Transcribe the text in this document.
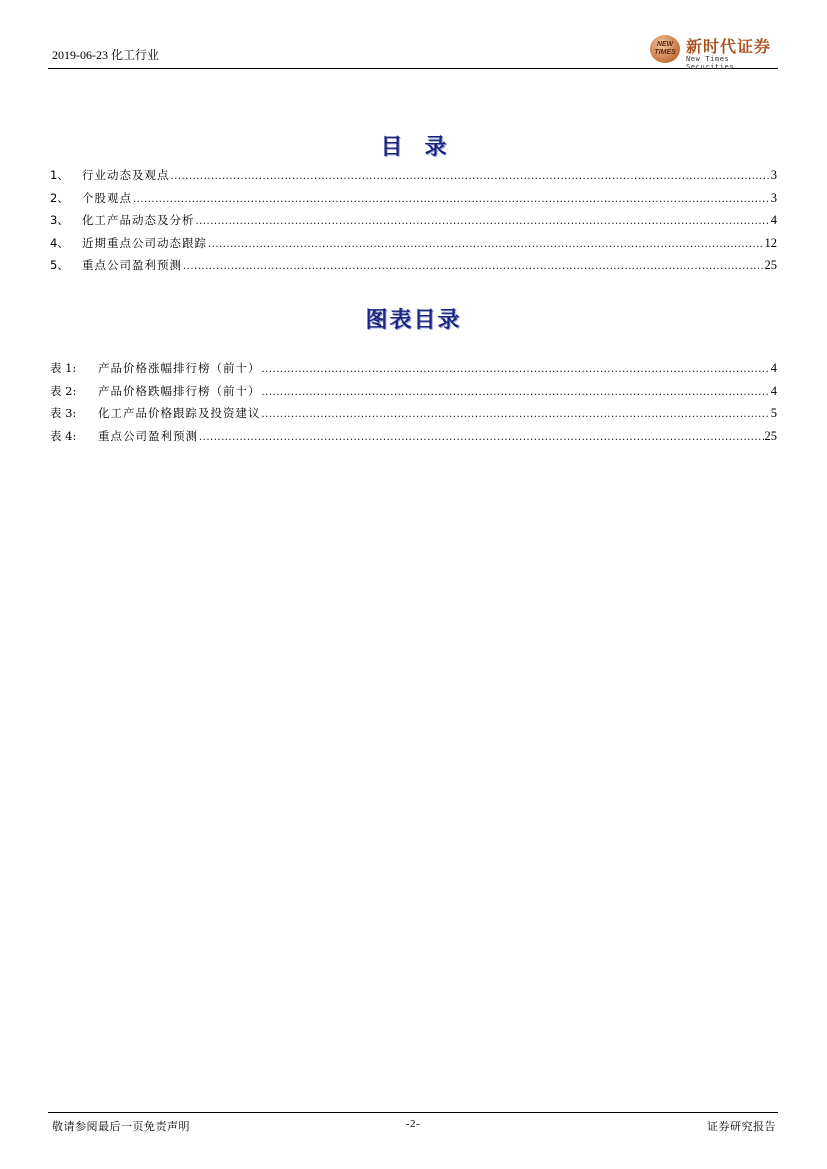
2019-06-23 化工行业
NEW
TIMES 新时代证券
New Times Securities
目录
1、	行业动态及观点 .....	3
2、	个股观点 .....	3
3、	化工产品动态及分析 .....	4
4、	近期重点公司动态跟踪 .....	12
5、	重点公司盈利预测 .....	25
图表目录
表 1:	产品价格涨幅排行榜（前十） .....	4
表 2:	产品价格跌幅排行榜（前十） .....	4
表 3:	化工产品价格跟踪及投资建议 .....	5
表 4:	重点公司盈利预测 .....	25
敬请参阅最后一页免责声明	-2-	证券研究报告
